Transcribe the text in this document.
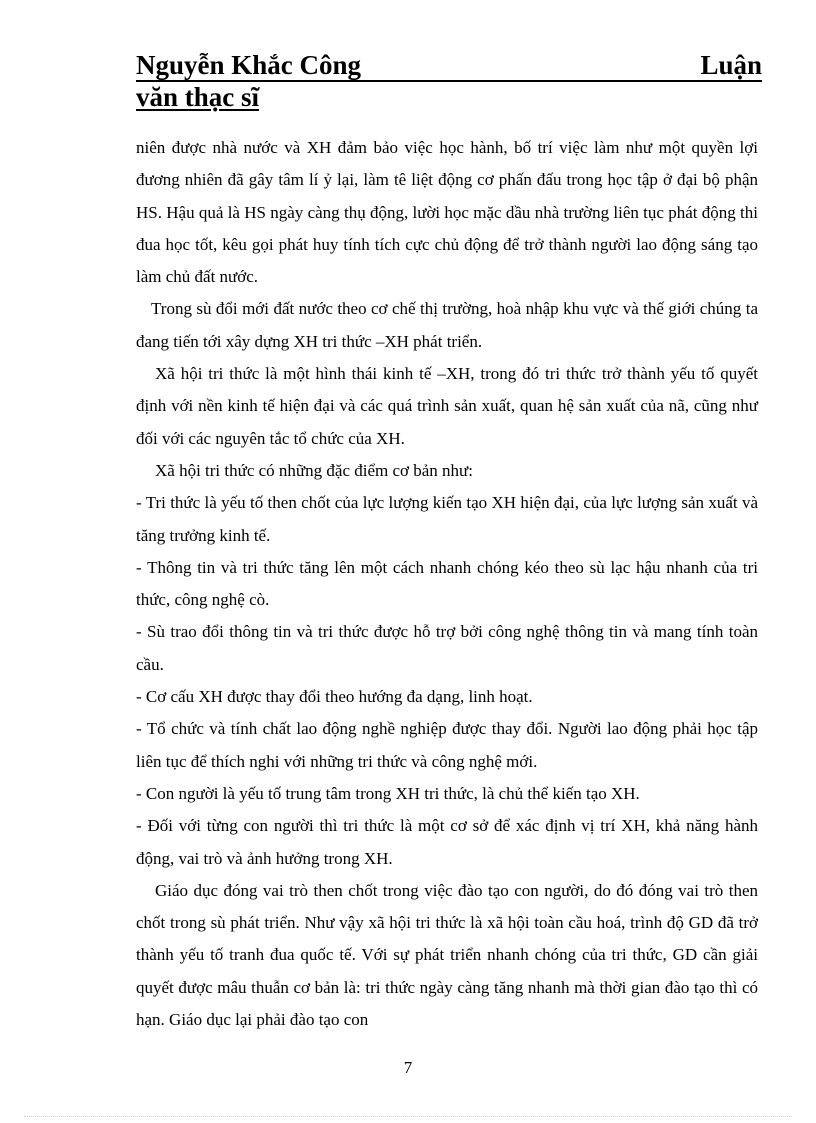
Nguyễn Khắc Công	Luận
văn thạc sĩ

niên được nhà nước và XH đảm bảo việc học hành, bố trí việc làm như một quyền lợi đương nhiên đã gây tâm lí ỷ lại, làm tê liệt động cơ phấn đấu trong học tập ở đại bộ phận HS. Hậu quả là HS ngày càng thụ động, lười học mặc dầu nhà trường liên tục phát động thi đua học tốt, kêu gọi phát huy tính tích cực chủ động để trở thành người lao động sáng tạo làm chủ đất nước.

Trong sù đổi mới đất nước theo cơ chế thị trường, hoà nhập khu vực và thế giới chúng ta đang tiến tới xây dựng XH tri thức –XH phát triển.

Xã hội tri thức là một hình thái kinh tế –XH, trong đó tri thức trở thành yếu tố quyết định với nền kinh tế hiện đại và các quá trình sản xuất, quan hệ sản xuất của nã, cũng như đối với các nguyên tắc tổ chức của XH.

Xã hội tri thức có những đặc điểm cơ bản như:

- Tri thức là yếu tố then chốt của lực lượng kiến tạo XH hiện đại, của lực lượng sản xuất và tăng trưởng kinh tế.

- Thông tin và tri thức tăng lên một cách nhanh chóng kéo theo sù lạc hậu nhanh của tri thức, công nghệ cò.

- Sù trao đổi thông tin và tri thức được hỗ trợ bởi công nghệ thông tin và mang tính toàn cầu.

- Cơ cấu XH được thay đổi theo hướng đa dạng, linh hoạt.

- Tổ chức và tính chất lao động nghề nghiệp được thay đổi. Người lao động phải học tập liên tục để thích nghi với những tri thức và công nghệ mới.

- Con người là yếu tố trung tâm trong XH tri thức, là chủ thể kiến tạo XH.

- Đối với từng con người thì tri thức là một cơ sở để xác định vị trí XH, khả năng hành động, vai trò và ảnh hưởng trong XH.

Giáo dục đóng vai trò then chốt trong việc đào tạo con người, do đó đóng vai trò then chốt trong sù phát triển. Như vậy xã hội tri thức là xã hội toàn cầu hoá, trình độ GD đã trở thành yếu tố tranh đua quốc tế. Với sự phát triển nhanh chóng của tri thức, GD cần giải quyết được mâu thuẫn cơ bản là: tri thức ngày càng tăng nhanh mà thời gian đào tạo thì có hạn. Giáo dục lại phải đào tạo con

7
